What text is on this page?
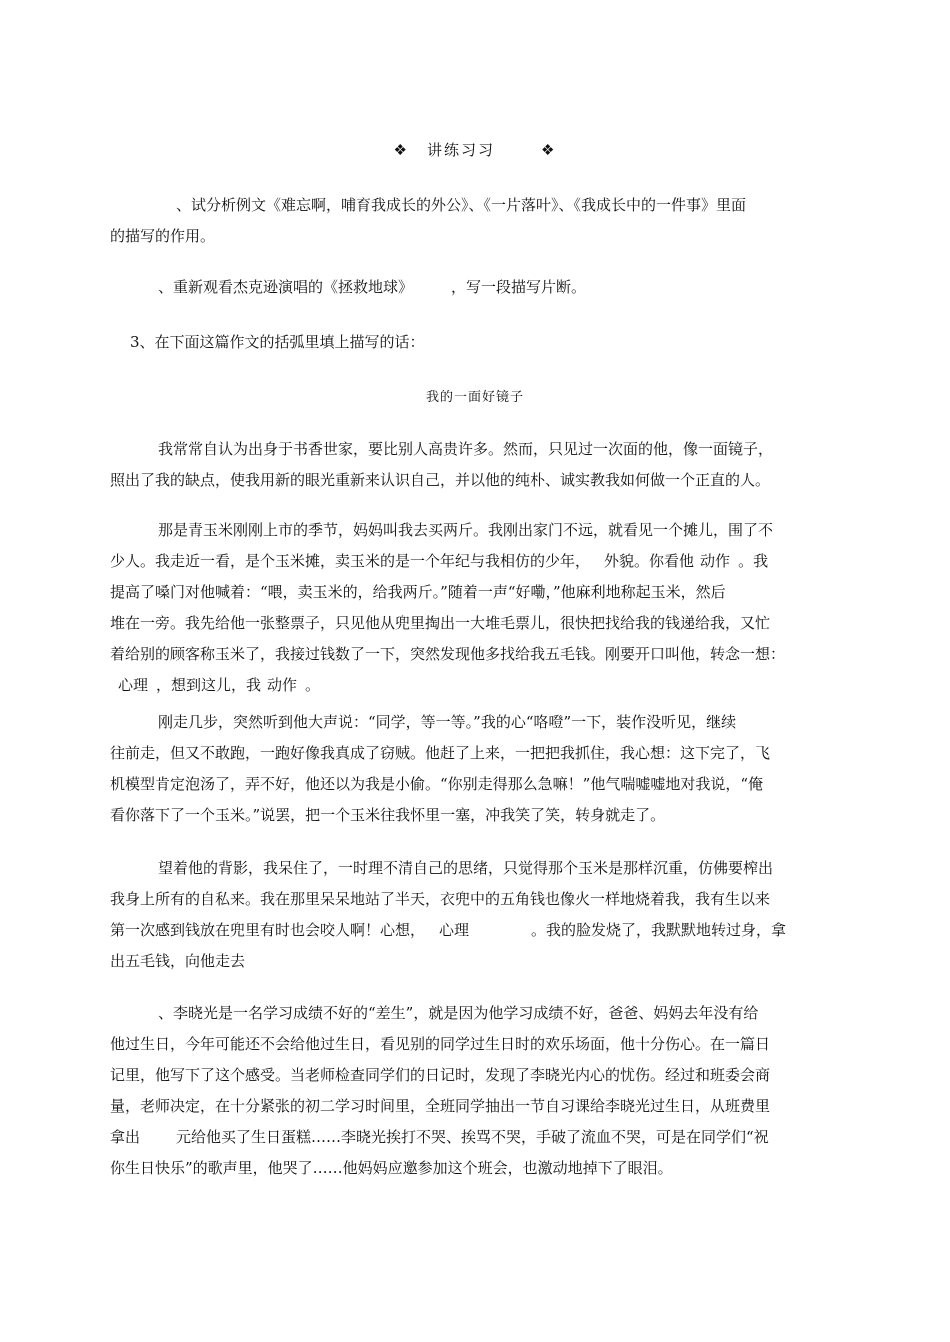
❖ 讲练习习	❖
、试分析例文《难忘啊，哺育我成长的外公》、《一片落叶》、《我成长中的一件事》里面
的描写的作用。
、重新观看杰克逊演唱的《拯救地球》	，写一段描写片断。
3、在下面这篇作文的括弧里填上描写的话：
我的一面好镜子
我常常自认为出身于书香世家，要比别人高贵许多。然而，只见过一次面的他，像一面镜子，
照出了我的缺点，使我用新的眼光重新来认识自己，并以他的纯朴、诚实教我如何做一个正直的人。
那是青玉米刚刚上市的季节，妈妈叫我去买两斤。我刚出家门不远，就看见一个摊儿，围了不
少人。我走近一看，是个玉米摊，卖玉米的是一个年纪与我相仿的少年， 外貌。你看他 动作 。我
提高了嗓门对他喊着：“喂，卖玉米的，给我两斤。”随着一声“好嘞，”他麻利地称起玉米，然后
堆在一旁。我先给他一张整票子，只见他从兜里掏出一大堆毛票儿，很快把找给我的钱递给我，又忙
着给别的顾客称玉米了，我接过钱数了一下，突然发现他多找给我五毛钱。刚要开口叫他，转念一想：
心理 ，想到这儿，我 动作 。
刚走几步，突然听到他大声说：“同学，等一等。”我的心“咯噔”一下，装作没听见，继续
往前走，但又不敢跑，一跑好像我真成了窃贼。他赶了上来，一把把我抓住，我心想：这下完了，飞
机模型肯定泡汤了，弄不好，他还以为我是小偷。“你别走得那么急嘛！”他气喘嘘嘘地对我说，“俺
看你落下了一个玉米。”说罢，把一个玉米往我怀里一塞，冲我笑了笑，转身就走了。
望着他的背影，我呆住了，一时理不清自己的思绪，只觉得那个玉米是那样沉重，仿佛要榨出
我身上所有的自私来。我在那里呆呆地站了半天，衣兜中的五角钱也像火一样地烧着我，我有生以来
第一次感到钱放在兜里有时也会咬人啊！心想， 心理	。我的脸发烧了，我默默地转过身，拿
出五毛钱，向他走去
、李晓光是一名学习成绩不好的“差生”，就是因为他学习成绩不好，爸爸、妈妈去年没有给
他过生日，今年可能还不会给他过生日，看见别的同学过生日时的欢乐场面，他十分伤心。在一篇日
记里，他写下了这个感受。当老师检查同学们的日记时，发现了李晓光内心的忧伤。经过和班委会商
量，老师决定，在十分紧张的初二学习时间里，全班同学抽出一节自习课给李晓光过生日，从班费里
拿出 元给他买了生日蛋糕……李晓光挨打不哭、挨骂不哭，手破了流血不哭，可是在同学们“祝
你生日快乐”的歌声里，他哭了……他妈妈应邀参加这个班会，也激动地掉下了眼泪。
